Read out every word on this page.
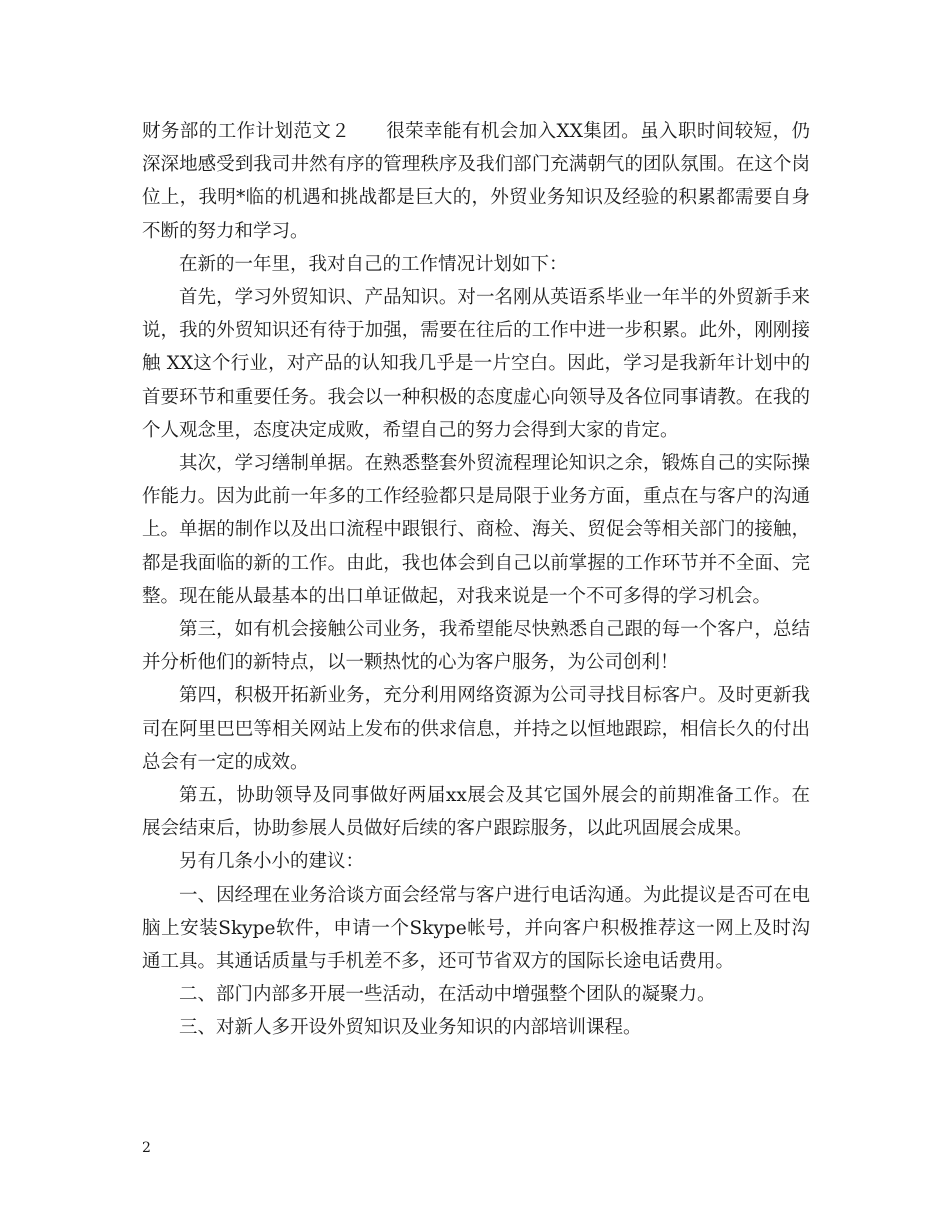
财务部的工作计划范文２ 很荣幸能有机会加入XX集团。虽入职时间较短，仍深深地感受到我司井然有序的管理秩序及我们部门充满朝气的团队氛围。在这个岗位上，我明*临的机遇和挑战都是巨大的，外贸业务知识及经验的积累都需要自身不断的努力和学习。

在新的一年里，我对自己的工作情况计划如下：

首先，学习外贸知识、产品知识。对一名刚从英语系毕业一年半的外贸新手来说，我的外贸知识还有待于加强，需要在往后的工作中进一步积累。此外，刚刚接触 XX这个行业，对产品的认知我几乎是一片空白。因此，学习是我新年计划中的首要环节和重要任务。我会以一种积极的态度虚心向领导及各位同事请教。在我的个人观念里，态度决定成败，希望自己的努力会得到大家的肯定。

其次，学习缮制单据。在熟悉整套外贸流程理论知识之余，锻炼自己的实际操作能力。因为此前一年多的工作经验都只是局限于业务方面，重点在与客户的沟通上。单据的制作以及出口流程中跟银行、商检、海关、贸促会等相关部门的接触，都是我面临的新的工作。由此，我也体会到自己以前掌握的工作环节并不全面、完整。现在能从最基本的出口单证做起，对我来说是一个不可多得的学习机会。

第三，如有机会接触公司业务，我希望能尽快熟悉自己跟的每一个客户，总结并分析他们的新特点，以一颗热忱的心为客户服务，为公司创利！

第四，积极开拓新业务，充分利用网络资源为公司寻找目标客户。及时更新我司在阿里巴巴等相关网站上发布的供求信息，并持之以恒地跟踪，相信长久的付出总会有一定的成效。

第五，协助领导及同事做好两届xx展会及其它国外展会的前期准备工作。在展会结束后，协助参展人员做好后续的客户跟踪服务，以此巩固展会成果。

另有几条小小的建议：

一、因经理在业务洽谈方面会经常与客户进行电话沟通。为此提议是否可在电脑上安装Skype软件，申请一个Skype帐号，并向客户积极推荐这一网上及时沟通工具。其通话质量与手机差不多，还可节省双方的国际长途电话费用。

二、部门内部多开展一些活动，在活动中增强整个团队的凝聚力。

三、对新人多开设外贸知识及业务知识的内部培训课程。

2
